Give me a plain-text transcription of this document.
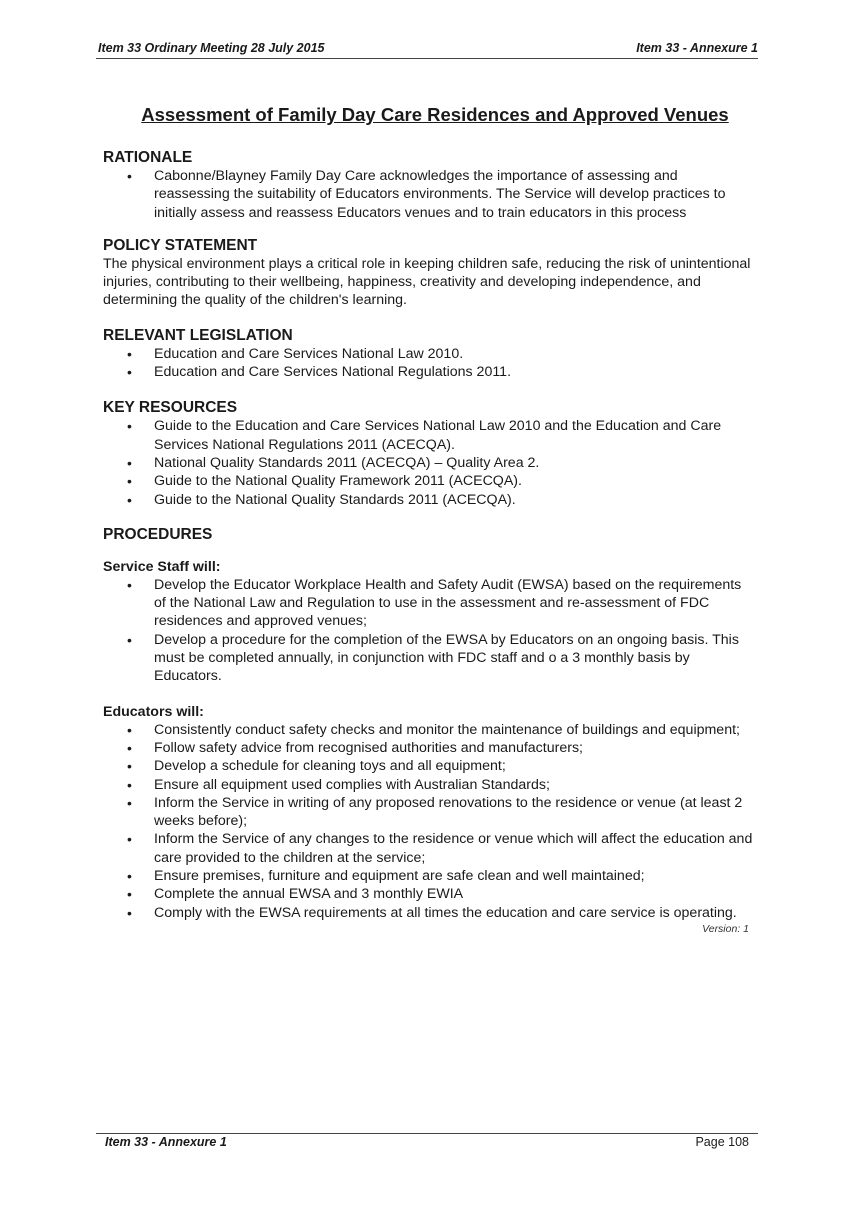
Item 33 Ordinary Meeting 28 July 2015	Item 33 - Annexure 1
Assessment of Family Day Care Residences and Approved Venues
RATIONALE
• Cabonne/Blayney Family Day Care acknowledges the importance of assessing and reassessing the suitability of Educators environments. The Service will develop practices to initially assess and reassess Educators venues and to train educators in this process
POLICY STATEMENT

The physical environment plays a critical role in keeping children safe, reducing the risk of unintentional injuries, contributing to their wellbeing, happiness, creativity and developing independence, and determining the quality of the children's learning.

RELEVANT LEGISLATION
• Education and Care Services National Law 2010.
• Education and Care Services National Regulations 2011.
KEY RESOURCES
• Guide to the Education and Care Services National Law 2010 and the Education and Care Services National Regulations 2011 (ACECQA).
• National Quality Standards 2011 (ACECQA) – Quality Area 2.
• Guide to the National Quality Framework 2011 (ACECQA).
• Guide to the National Quality Standards 2011 (ACECQA).
PROCEDURES
Service Staff will:
• Develop the Educator Workplace Health and Safety Audit (EWSA) based on the requirements of the National Law and Regulation to use in the assessment and re-assessment of FDC residences and approved venues;
• Develop a procedure for the completion of the EWSA by Educators on an ongoing basis. This must be completed annually, in conjunction with FDC staff and o a 3 monthly basis by Educators.
Educators will:
• Consistently conduct safety checks and monitor the maintenance of buildings and equipment;
• Follow safety advice from recognised authorities and manufacturers;
• Develop a schedule for cleaning toys and all equipment;
• Ensure all equipment used complies with Australian Standards;
• Inform the Service in writing of any proposed renovations to the residence or venue (at least 2 weeks before);
• Inform the Service of any changes to the residence or venue which will affect the education and care provided to the children at the service;
• Ensure premises, furniture and equipment are safe clean and well maintained;
• Complete the annual EWSA and 3 monthly EWIA
• Comply with the EWSA requirements at all times the education and care service is operating.

Version: 1

Item 33 - Annexure 1	Page 108
